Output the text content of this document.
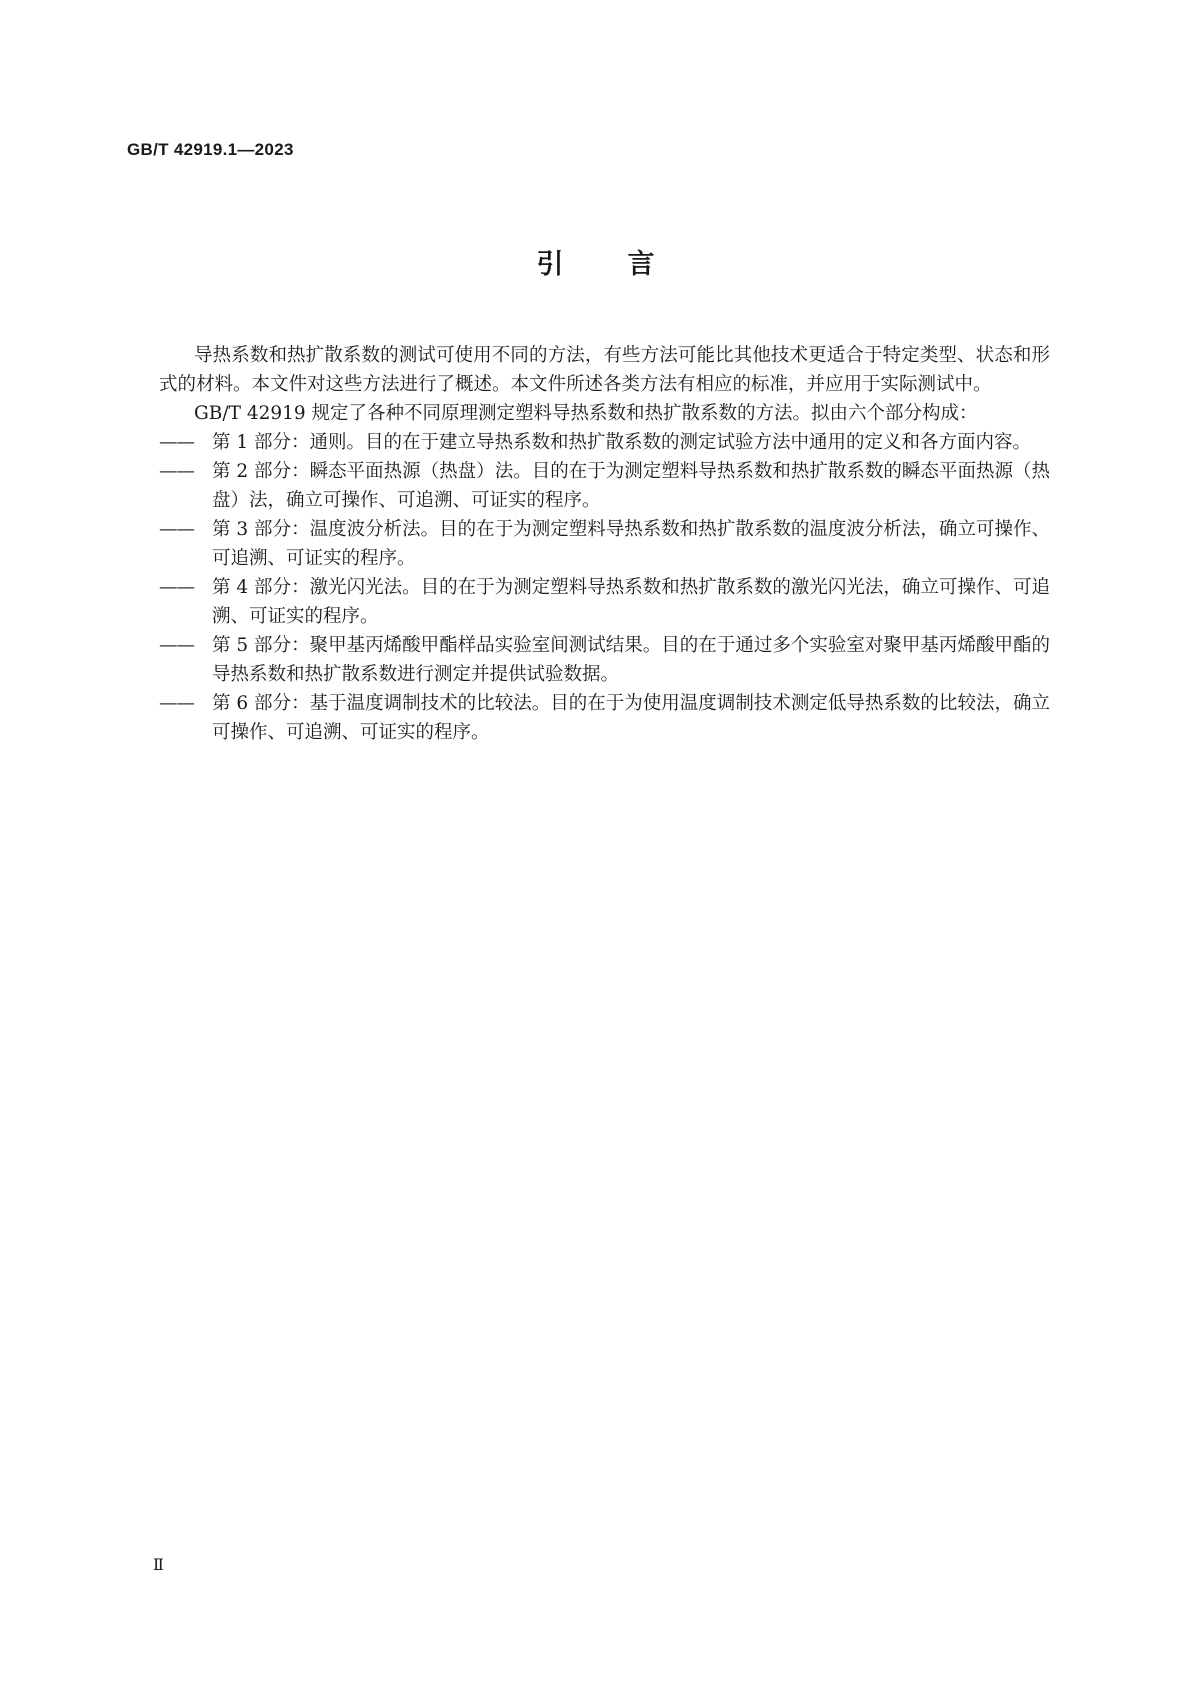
GB/T 42919.1—2023
引言

导热系数和热扩散系数的测试可使用不同的方法，有些方法可能比其他技术更适合于特定类型、状态和形式的材料。本文件对这些方法进行了概述。本文件所述各类方法有相应的标准，并应用于实际测试中。

GB/T 42919 规定了各种不同原理测定塑料导热系数和热扩散系数的方法。拟由六个部分构成：

—— 第 1 部分：通则。目的在于建立导热系数和热扩散系数的测定试验方法中通用的定义和各方面内容。
—— 第 2 部分：瞬态平面热源（热盘）法。目的在于为测定塑料导热系数和热扩散系数的瞬态平面热源（热盘）法，确立可操作、可追溯、可证实的程序。
—— 第 3 部分：温度波分析法。目的在于为测定塑料导热系数和热扩散系数的温度波分析法，确立可操作、可追溯、可证实的程序。
—— 第 4 部分：激光闪光法。目的在于为测定塑料导热系数和热扩散系数的激光闪光法，确立可操作、可追溯、可证实的程序。
—— 第 5 部分：聚甲基丙烯酸甲酯样品实验室间测试结果。目的在于通过多个实验室对聚甲基丙烯酸甲酯的导热系数和热扩散系数进行测定并提供试验数据。
—— 第 6 部分：基于温度调制技术的比较法。目的在于为使用温度调制技术测定低导热系数的比较法，确立可操作、可追溯、可证实的程序。
Ⅱ
